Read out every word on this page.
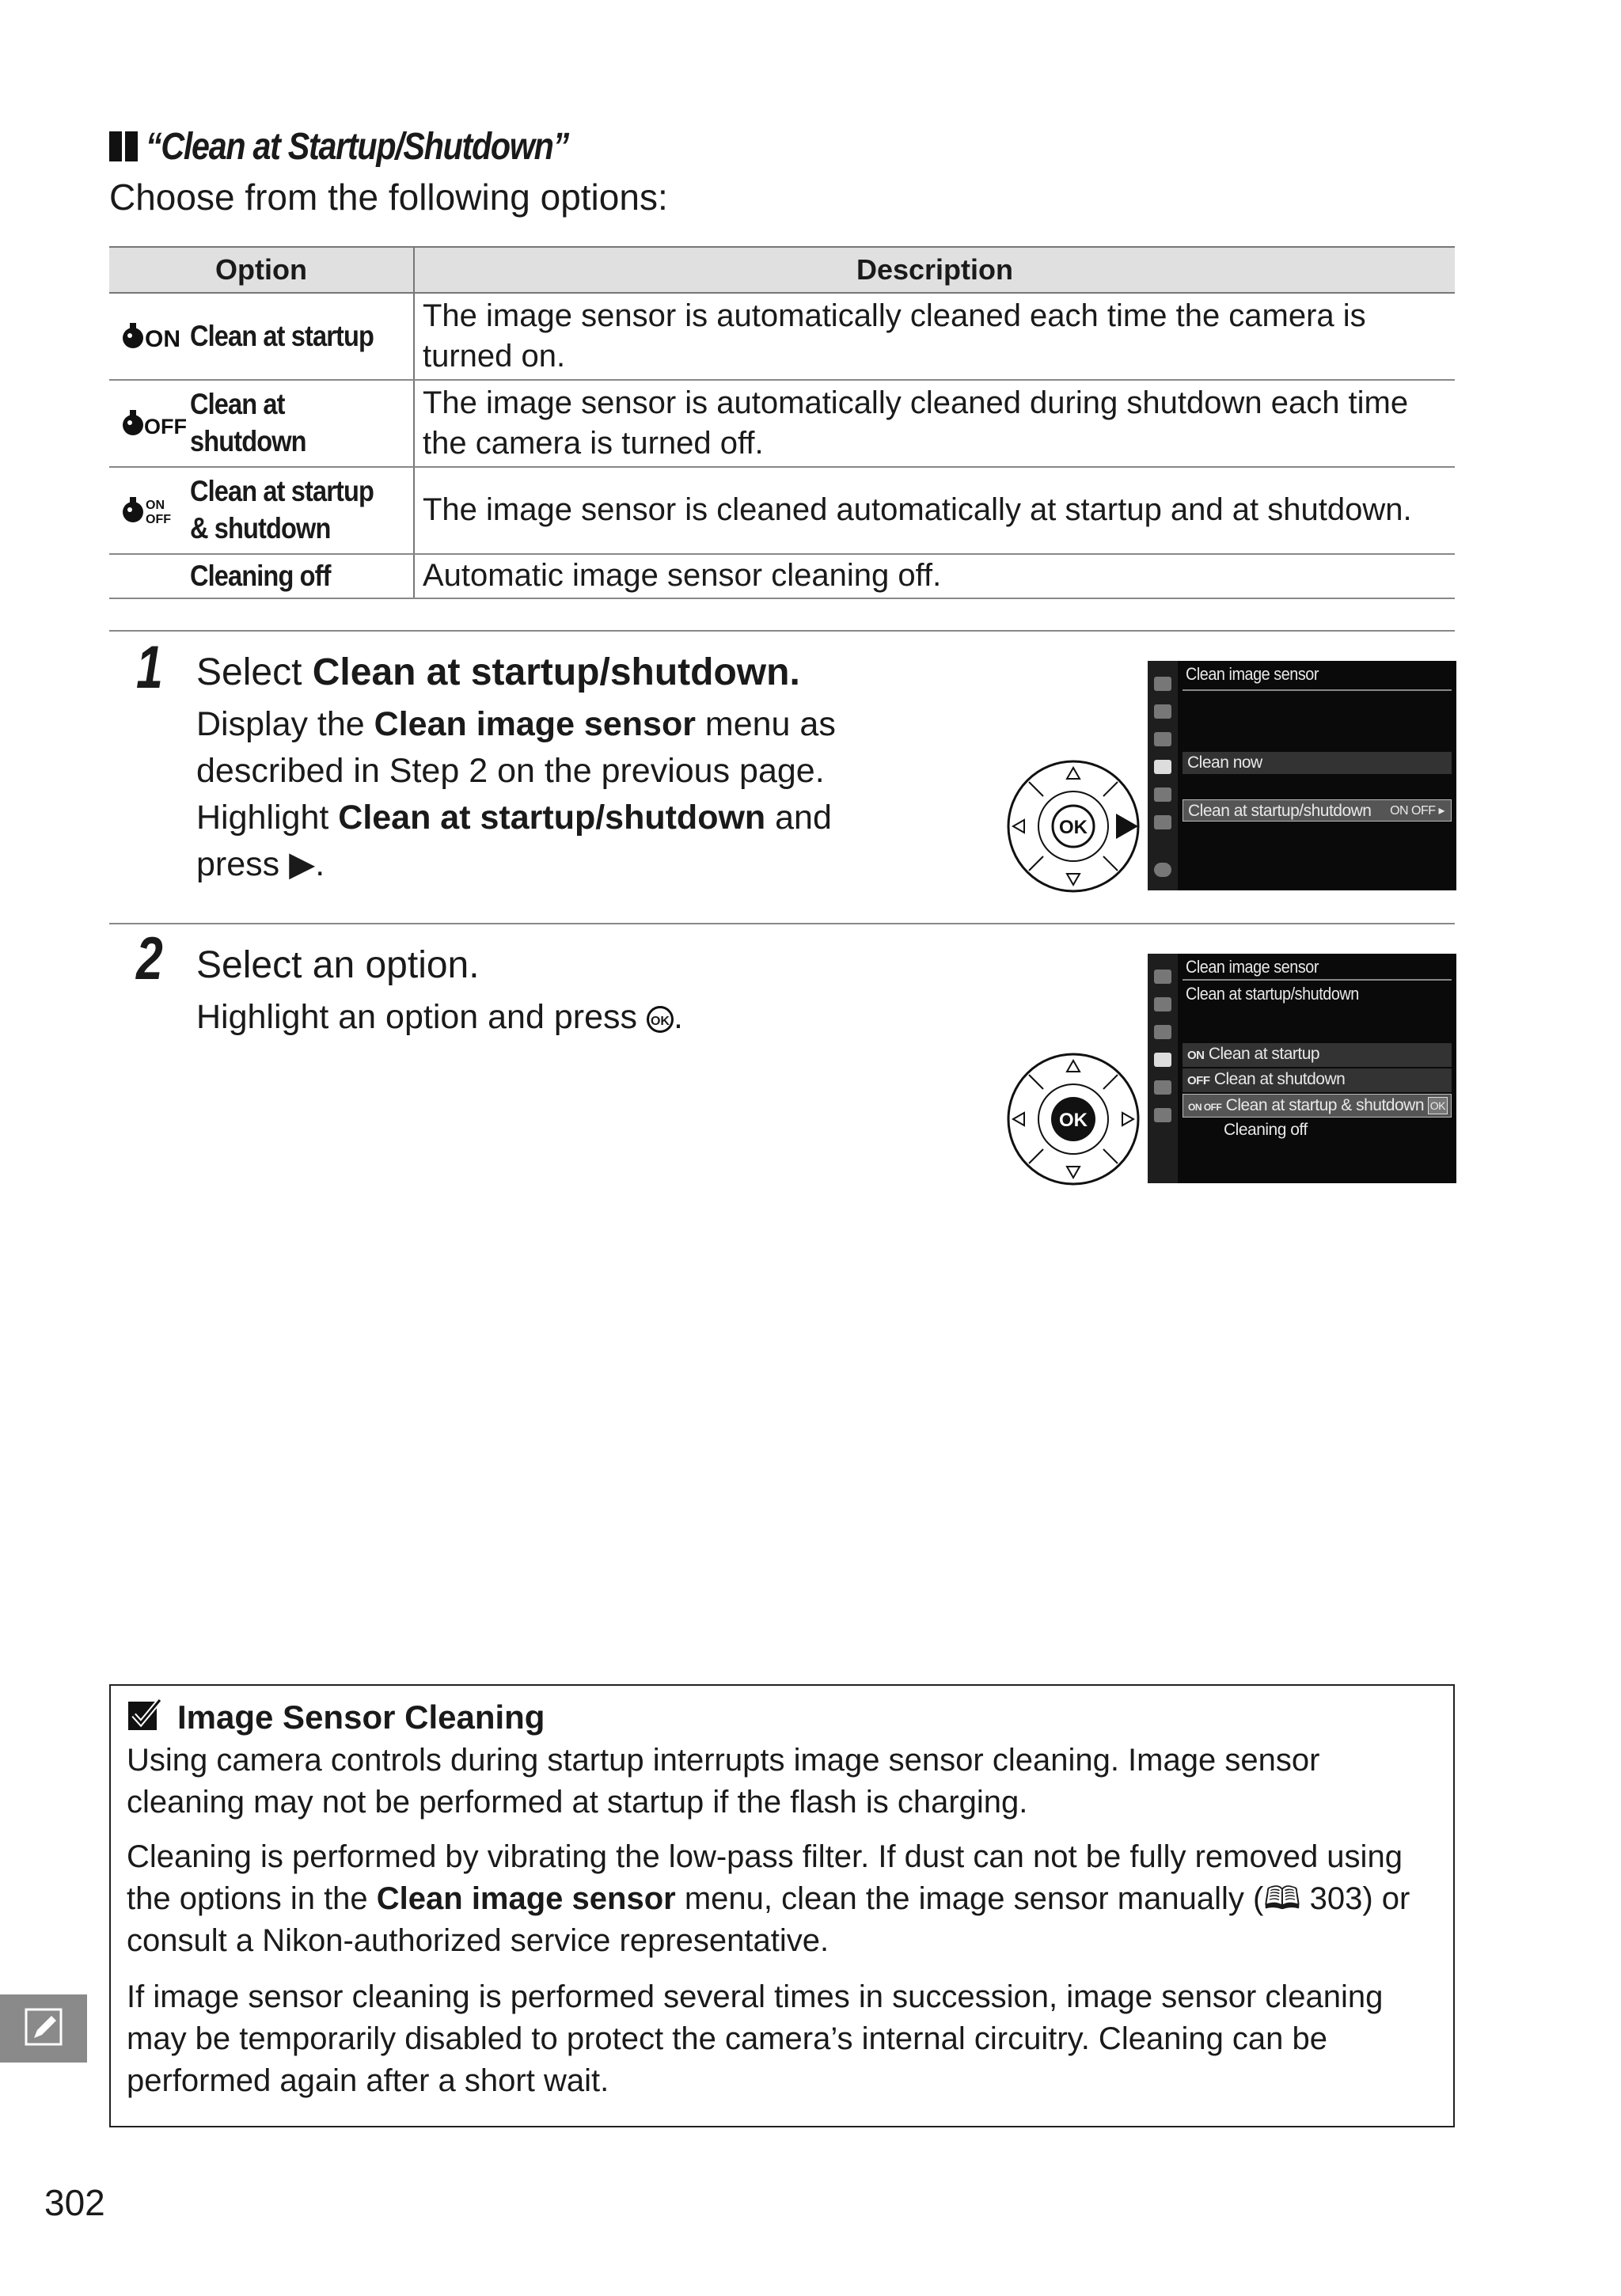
“Clean at Startup/Shutdown”
Choose from the following options:
Option	Description

ON Clean at startup	The image sensor is automatically cleaned each time the camera is turned on.

OFF
Clean at shutdown	The image sensor is automatically cleaned during shutdown each time the camera is turned off.

ON
OFF
Clean at startup & shutdown	The image sensor is cleaned automatically at startup and at shutdown.

Cleaning off	Automatic image sensor cleaning off.
1 Select Clean at startup/shutdown.
Display the Clean image sensor menu as described in Step 2 on the previous page. Highlight Clean at startup/shutdown and press ▶.
OK
Clean image sensor
Clean now
Clean at startup/shutdown ON OFF ▸
2 Select an option.
Highlight an option and press OK .
OK
Clean image sensor
Clean at startup/shutdown
ON Clean at startup
OFF Clean at shutdown
ON OFF Clean at startup & shutdown OK
Cleaning off
Image Sensor Cleaning
Using camera controls during startup interrupts image sensor cleaning. Image sensor cleaning may not be performed at startup if the flash is charging.
Cleaning is performed by vibrating the low-pass filter. If dust can not be fully removed using the options in the Clean image sensor menu, clean the image sensor manually (🕮 303) or consult a Nikon-authorized service representative.
If image sensor cleaning is performed several times in succession, image sensor cleaning may be temporarily disabled to protect the camera’s internal circuitry. Cleaning can be performed again after a short wait.
302
